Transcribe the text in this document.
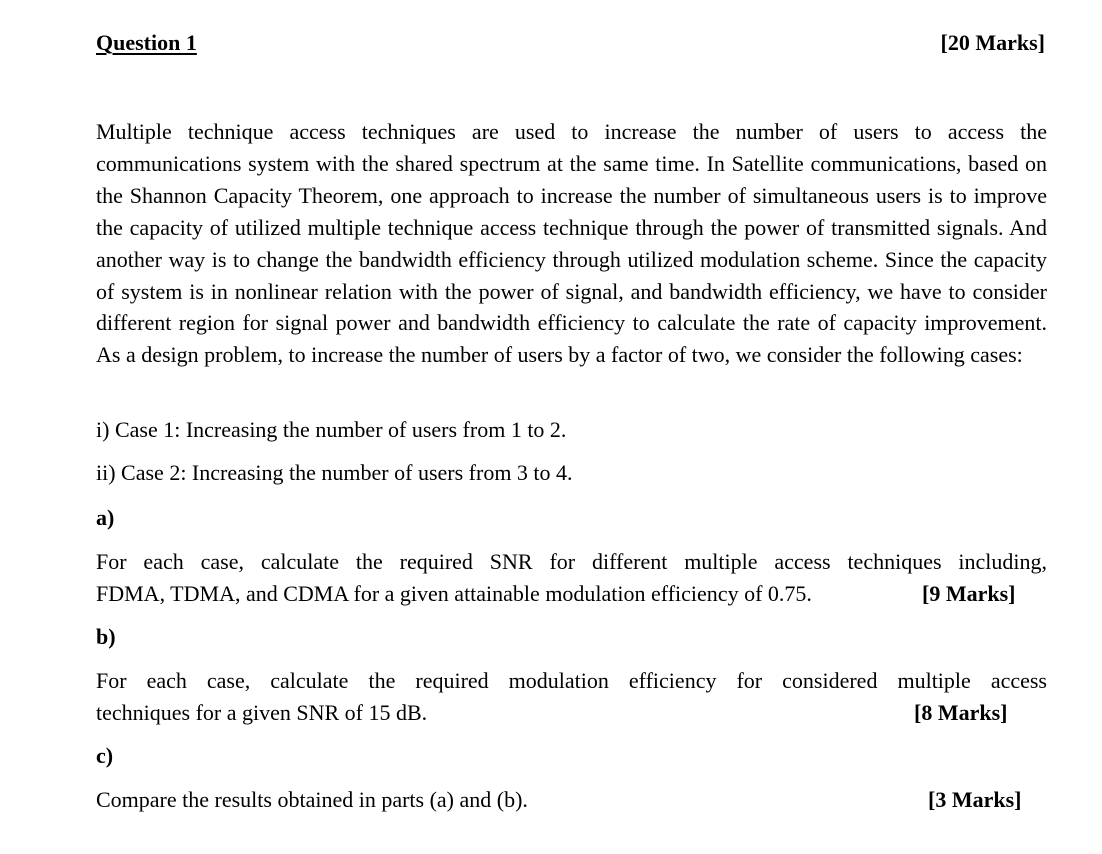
Question 1	[20 Marks]

Multiple technique access techniques are used to increase the number of users to access the communications system with the shared spectrum at the same time. In Satellite communications, based on the Shannon Capacity Theorem, one approach to increase the number of simultaneous users is to improve the capacity of utilized multiple technique access technique through the power of transmitted signals. And another way is to change the bandwidth efficiency through utilized modulation scheme. Since the capacity of system is in nonlinear relation with the power of signal, and bandwidth efficiency, we have to consider different region for signal power and bandwidth efficiency to calculate the rate of capacity improvement. As a design problem, to increase the number of users by a factor of two, we consider the following cases:

i) Case 1: Increasing the number of users from 1 to 2.

ii) Case 2: Increasing the number of users from 3 to 4.

a)
For each case, calculate the required SNR for different multiple access techniques including,
FDMA, TDMA, and CDMA for a given attainable modulation efficiency of 0.75.	[9 Marks]
b)
For each case, calculate the required modulation efficiency for considered multiple access
techniques for a given SNR of 15 dB.	[8 Marks]
c)
Compare the results obtained in parts (a) and (b).	[3 Marks]
